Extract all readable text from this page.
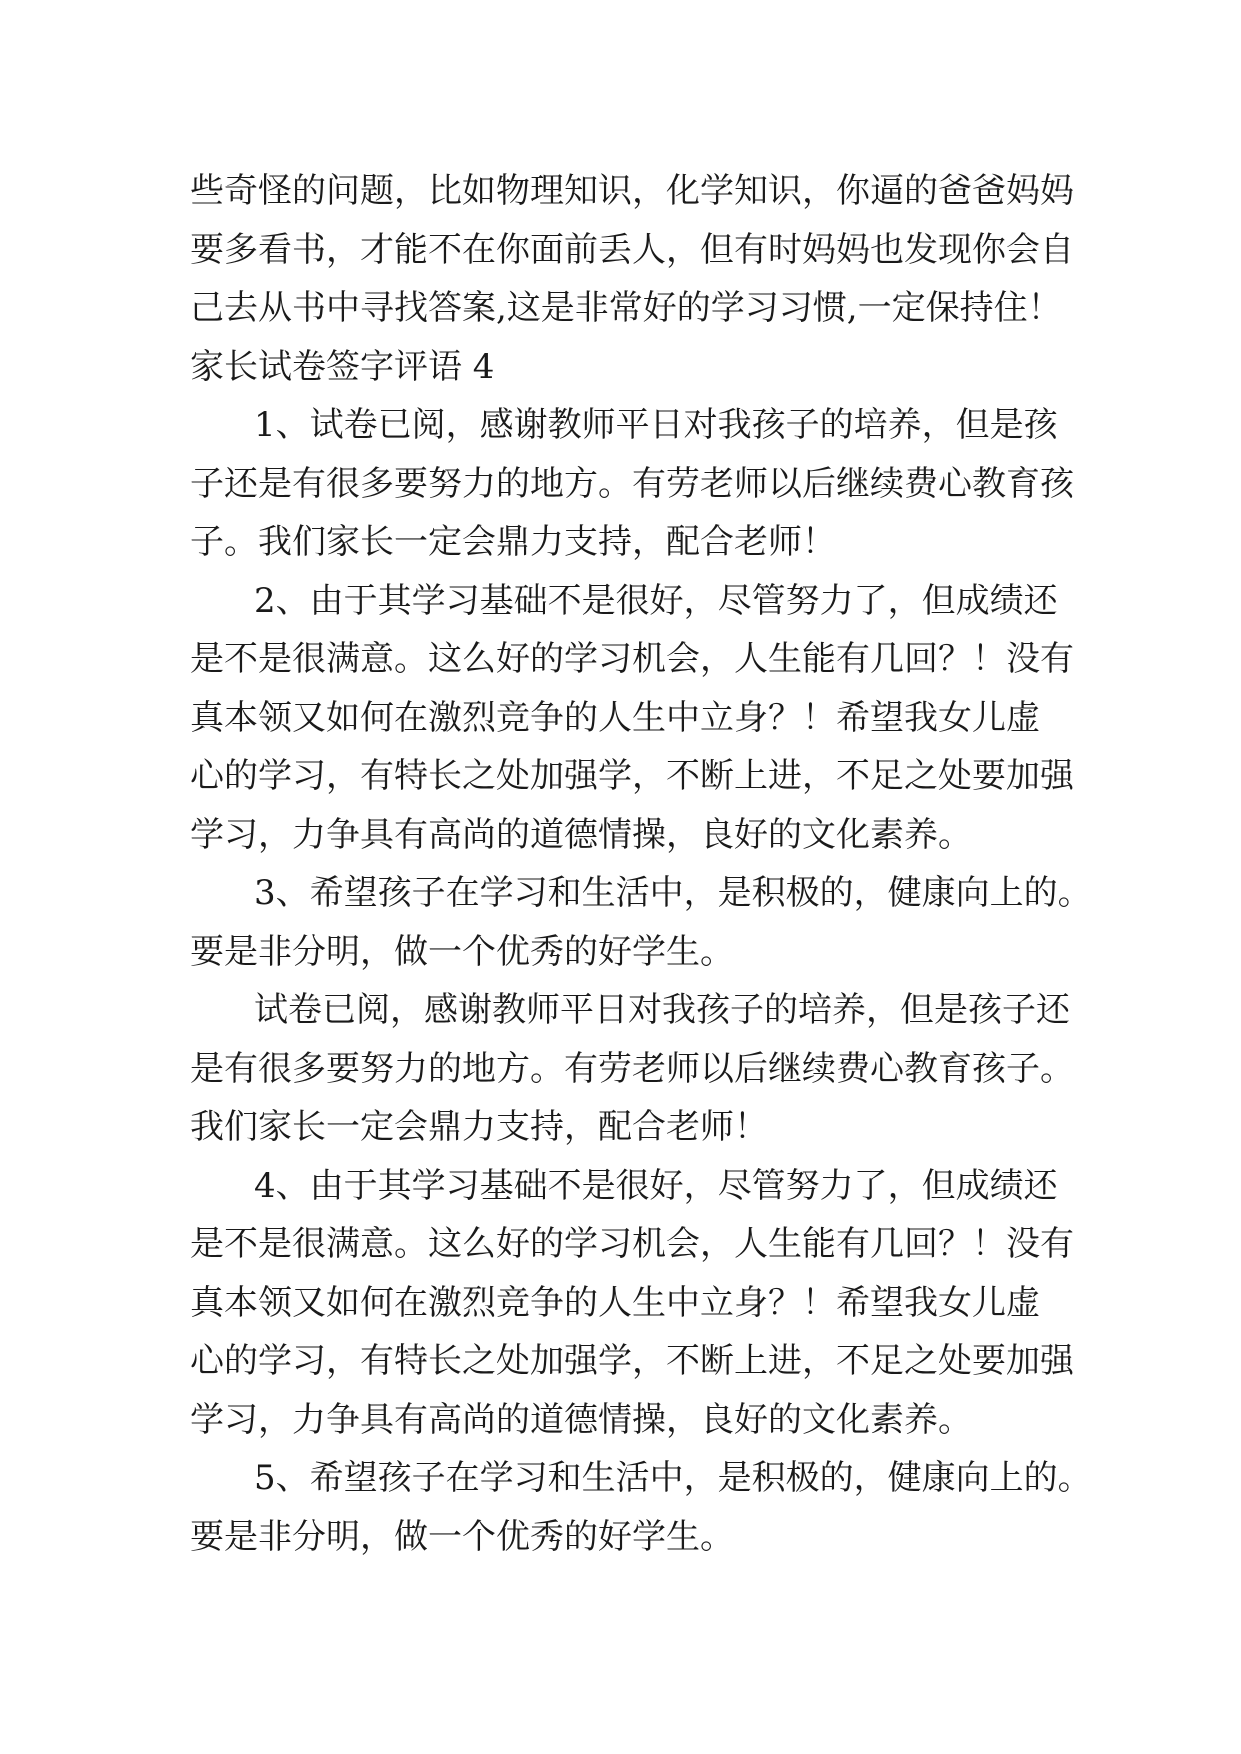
些奇怪的问题，比如物理知识，化学知识，你逼的爸爸妈妈
要多看书，才能不在你面前丢人，但有时妈妈也发现你会自
己去从书中寻找答案,这是非常好的学习习惯,一定保持住！
家长试卷签字评语 4
1、试卷已阅，感谢教师平日对我孩子的培养，但是孩
子还是有很多要努力的地方。有劳老师以后继续费心教育孩
子。我们家长一定会鼎力支持，配合老师！
2、由于其学习基础不是很好，尽管努力了，但成绩还
是不是很满意。这么好的学习机会，人生能有几回？！没有
真本领又如何在激烈竞争的人生中立身？！希望我女儿虚
心的学习，有特长之处加强学，不断上进，不足之处要加强
学习，力争具有高尚的道德情操，良好的文化素养。
3、希望孩子在学习和生活中，是积极的，健康向上的。
要是非分明，做一个优秀的好学生。
试卷已阅，感谢教师平日对我孩子的培养，但是孩子还
是有很多要努力的地方。有劳老师以后继续费心教育孩子。
我们家长一定会鼎力支持，配合老师！
4、由于其学习基础不是很好，尽管努力了，但成绩还
是不是很满意。这么好的学习机会，人生能有几回？！没有
真本领又如何在激烈竞争的人生中立身？！希望我女儿虚
心的学习，有特长之处加强学，不断上进，不足之处要加强
学习，力争具有高尚的道德情操，良好的文化素养。
5、希望孩子在学习和生活中，是积极的，健康向上的。
要是非分明，做一个优秀的好学生。
